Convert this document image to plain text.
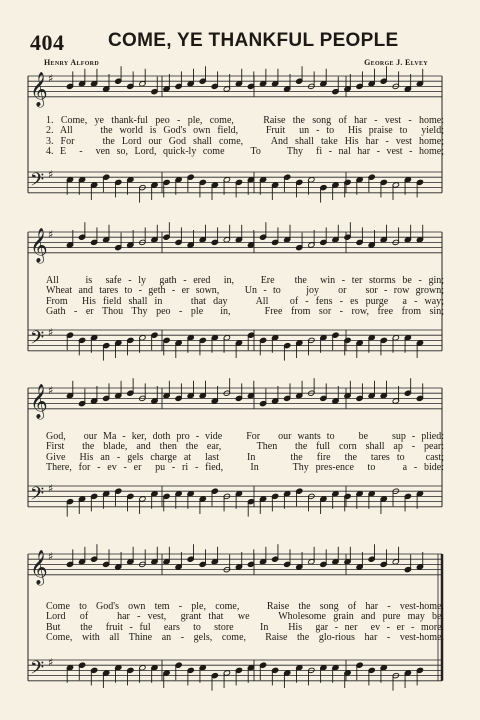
404 COME, YE THANKFUL PEOPLE
Henry Alford	George J. Elvey
𝄞 ♯
𝄢 ♯
1. Come, ye thank-ful peo - ple, come,    Raise the song of har - vest - home:
2. All    the world is God's own field,    Fruit  un - to  His praise to  yield;
3. For    the Lord our God shall come,    And shall take His har - vest home;
4. E  -  ven so, Lord, quick-ly come    To    Thy  fi - nal har - vest - home;
𝄞 ♯
𝄢 ♯
All    is  safe - ly  gath - ered  in,    Ere   the  win - ter storms be - gin;
Wheat and tares to - geth - er sown,    Un - to    joy   or   sor - row grown;
From  His field shall in    that day    All   of - fens - es purge  a - way;
Gath - er Thou Thy peo - ple  in,    Free from sor - row, free from sin;
𝄞 ♯
𝄢 ♯
God,   our Ma - ker, doth pro - vide    For   our wants to    be    sup - plied:
First  the blade, and then the ear,    Then  the full corn shall ap - pear:
Give  His an - gels charge at  last    In     the  fire  the  tares to   cast;
There, for - ev - er  pu - ri - fied,    In     Thy pres-ence  to    a - bide:
𝄞 ♯
𝄢 ♯
Come to God's own tem - ple, come,   Raise the song of har - vest-home.
Lord  of    har - vest,  grant that  we    Wholesome grain and pure may be.
But   the  fruit - ful  ears  to  store    In   His  gar - ner  ev - er - more.
Come, with all Thine an - gels, come,  Raise the glo-rious har - vest-home.
